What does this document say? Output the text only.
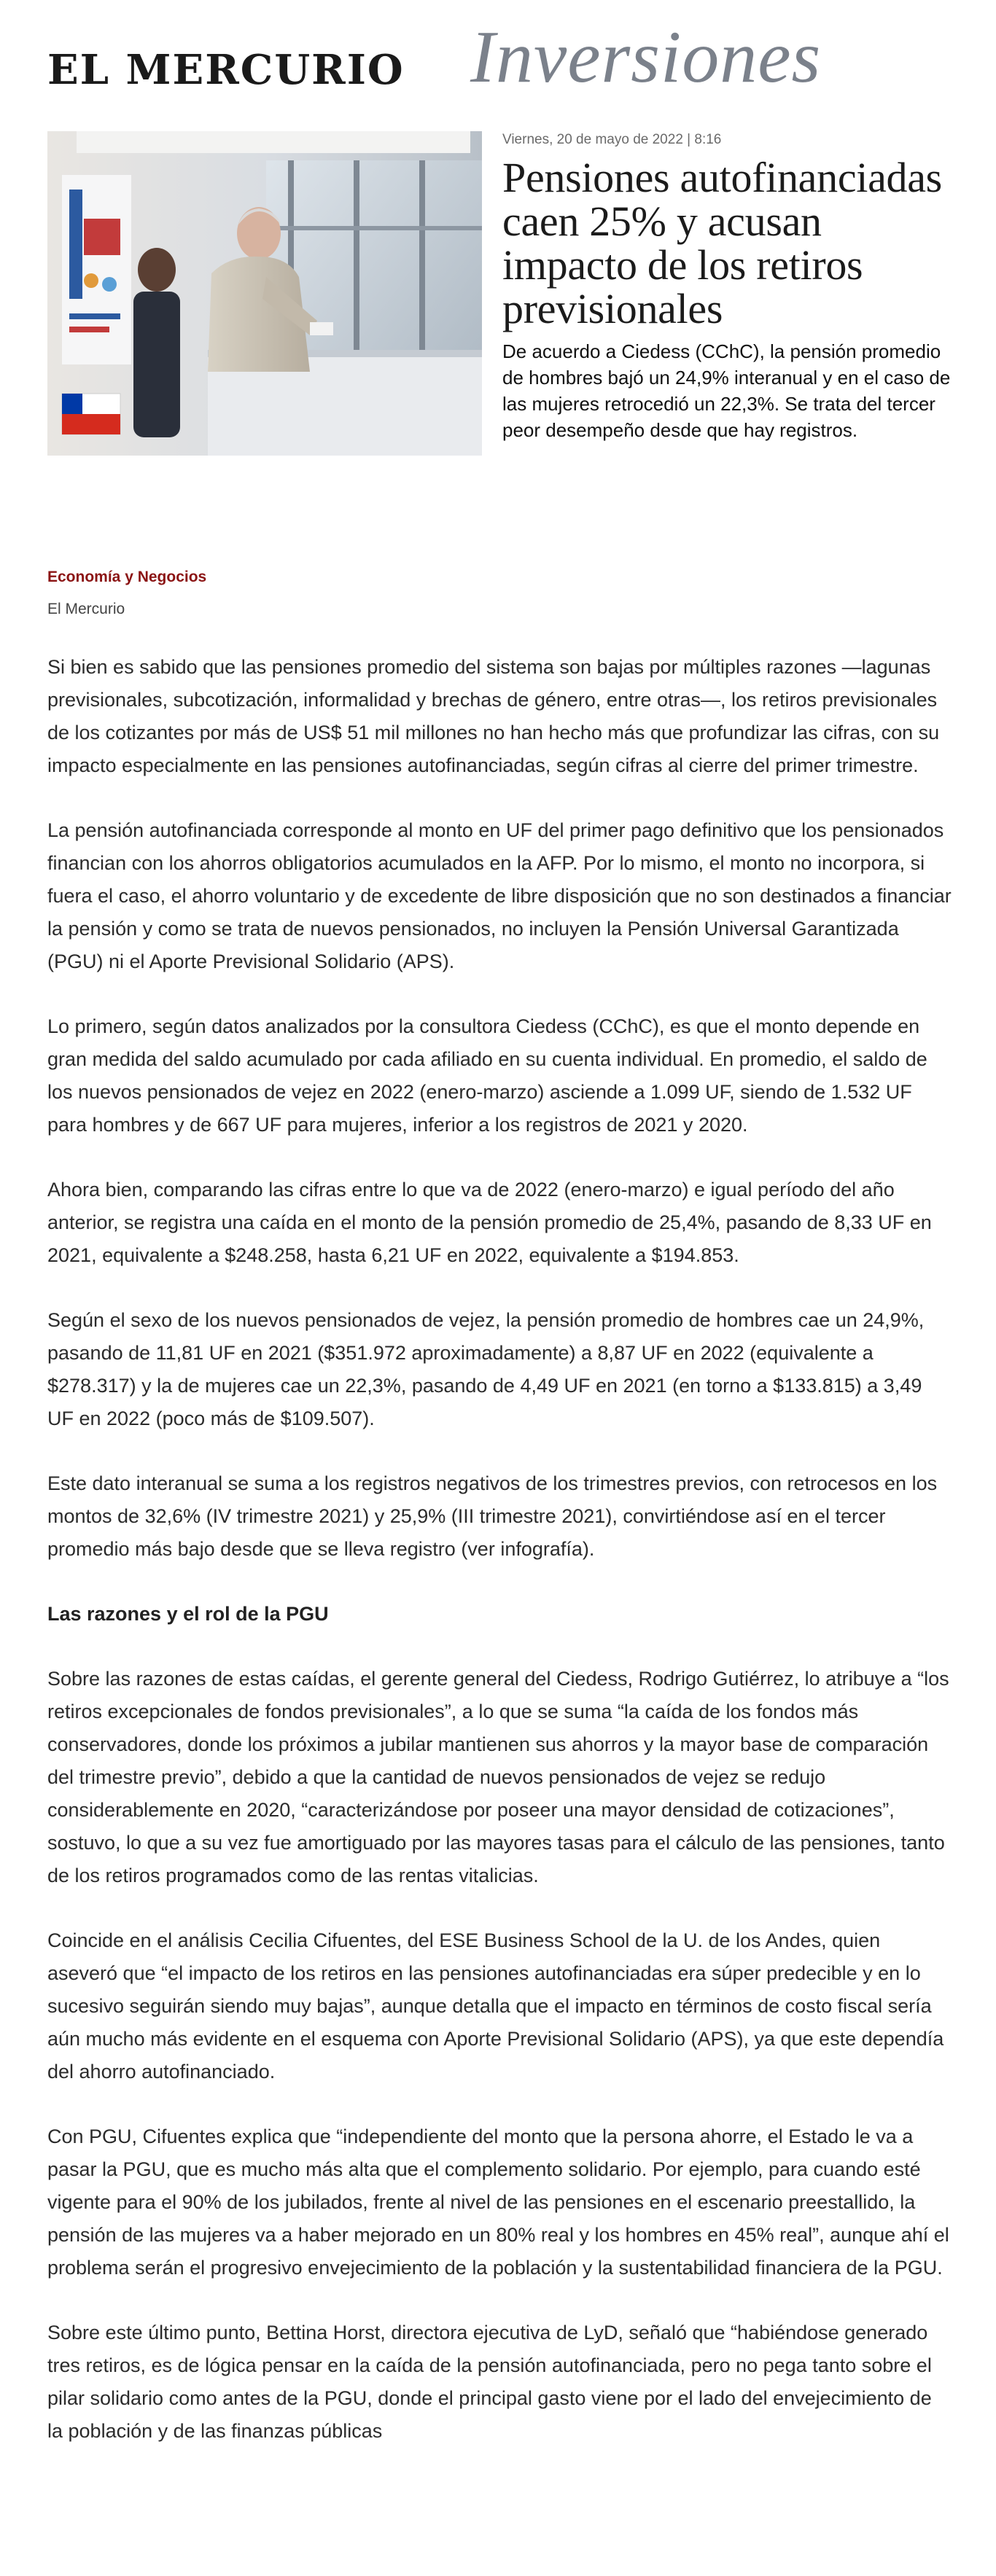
EL MERCURIO Inversiones
Viernes, 20 de mayo de 2022 | 8:16
Pensiones autofinanciadas caen 25% y acusan impacto de los retiros previsionales
De acuerdo a Ciedess (CChC), la pensión promedio de hombres bajó un 24,9% interanual y en el caso de las mujeres retrocedió un 22,3%. Se trata del tercer peor desempeño desde que hay registros.
Economía y Negocios
El Mercurio

Si bien es sabido que las pensiones promedio del sistema son bajas por múltiples razones —lagunas previsionales, subcotización, informalidad y brechas de género, entre otras—, los retiros previsionales de los cotizantes por más de US$ 51 mil millones no han hecho más que profundizar las cifras, con su impacto especialmente en las pensiones autofinanciadas, según cifras al cierre del primer trimestre.

La pensión autofinanciada corresponde al monto en UF del primer pago definitivo que los pensionados financian con los ahorros obligatorios acumulados en la AFP. Por lo mismo, el monto no incorpora, si fuera el caso, el ahorro voluntario y de excedente de libre disposición que no son destinados a financiar la pensión y como se trata de nuevos pensionados, no incluyen la Pensión Universal Garantizada (PGU) ni el Aporte Previsional Solidario (APS).

Lo primero, según datos analizados por la consultora Ciedess (CChC), es que el monto depende en gran medida del saldo acumulado por cada afiliado en su cuenta individual. En promedio, el saldo de los nuevos pensionados de vejez en 2022 (enero-marzo) asciende a 1.099 UF, siendo de 1.532 UF para hombres y de 667 UF para mujeres, inferior a los registros de 2021 y 2020.

Ahora bien, comparando las cifras entre lo que va de 2022 (enero-marzo) e igual período del año anterior, se registra una caída en el monto de la pensión promedio de 25,4%, pasando de 8,33 UF en 2021, equivalente a $248.258, hasta 6,21 UF en 2022, equivalente a $194.853.

Según el sexo de los nuevos pensionados de vejez, la pensión promedio de hombres cae un 24,9%, pasando de 11,81 UF en 2021 ($351.972 aproximadamente) a 8,87 UF en 2022 (equivalente a $278.317) y la de mujeres cae un 22,3%, pasando de 4,49 UF en 2021 (en torno a $133.815) a 3,49 UF en 2022 (poco más de $109.507).

Este dato interanual se suma a los registros negativos de los trimestres previos, con retrocesos en los montos de 32,6% (IV trimestre 2021) y 25,9% (III trimestre 2021), convirtiéndose así en el tercer promedio más bajo desde que se lleva registro (ver infografía).

Las razones y el rol de la PGU

Sobre las razones de estas caídas, el gerente general del Ciedess, Rodrigo Gutiérrez, lo atribuye a “los retiros excepcionales de fondos previsionales”, a lo que se suma “la caída de los fondos más conservadores, donde los próximos a jubilar mantienen sus ahorros y la mayor base de comparación del trimestre previo”, debido a que la cantidad de nuevos pensionados de vejez se redujo considerablemente en 2020, “caracterizándose por poseer una mayor densidad de cotizaciones”, sostuvo, lo que a su vez fue amortiguado por las mayores tasas para el cálculo de las pensiones, tanto de los retiros programados como de las rentas vitalicias.

Coincide en el análisis Cecilia Cifuentes, del ESE Business School de la U. de los Andes, quien aseveró que “el impacto de los retiros en las pensiones autofinanciadas era súper predecible y en lo sucesivo seguirán siendo muy bajas”, aunque detalla que el impacto en términos de costo fiscal sería aún mucho más evidente en el esquema con Aporte Previsional Solidario (APS), ya que este dependía del ahorro autofinanciado.

Con PGU, Cifuentes explica que “independiente del monto que la persona ahorre, el Estado le va a pasar la PGU, que es mucho más alta que el complemento solidario. Por ejemplo, para cuando esté vigente para el 90% de los jubilados, frente al nivel de las pensiones en el escenario preestallido, la pensión de las mujeres va a haber mejorado en un 80% real y los hombres en 45% real”, aunque ahí el problema serán el progresivo envejecimiento de la población y la sustentabilidad financiera de la PGU.

Sobre este último punto, Bettina Horst, directora ejecutiva de LyD, señaló que “habiéndose generado tres retiros, es de lógica pensar en la caída de la pensión autofinanciada, pero no pega tanto sobre el pilar solidario como antes de la PGU, donde el principal gasto viene por el lado del envejecimiento de la población y de las finanzas públicas
